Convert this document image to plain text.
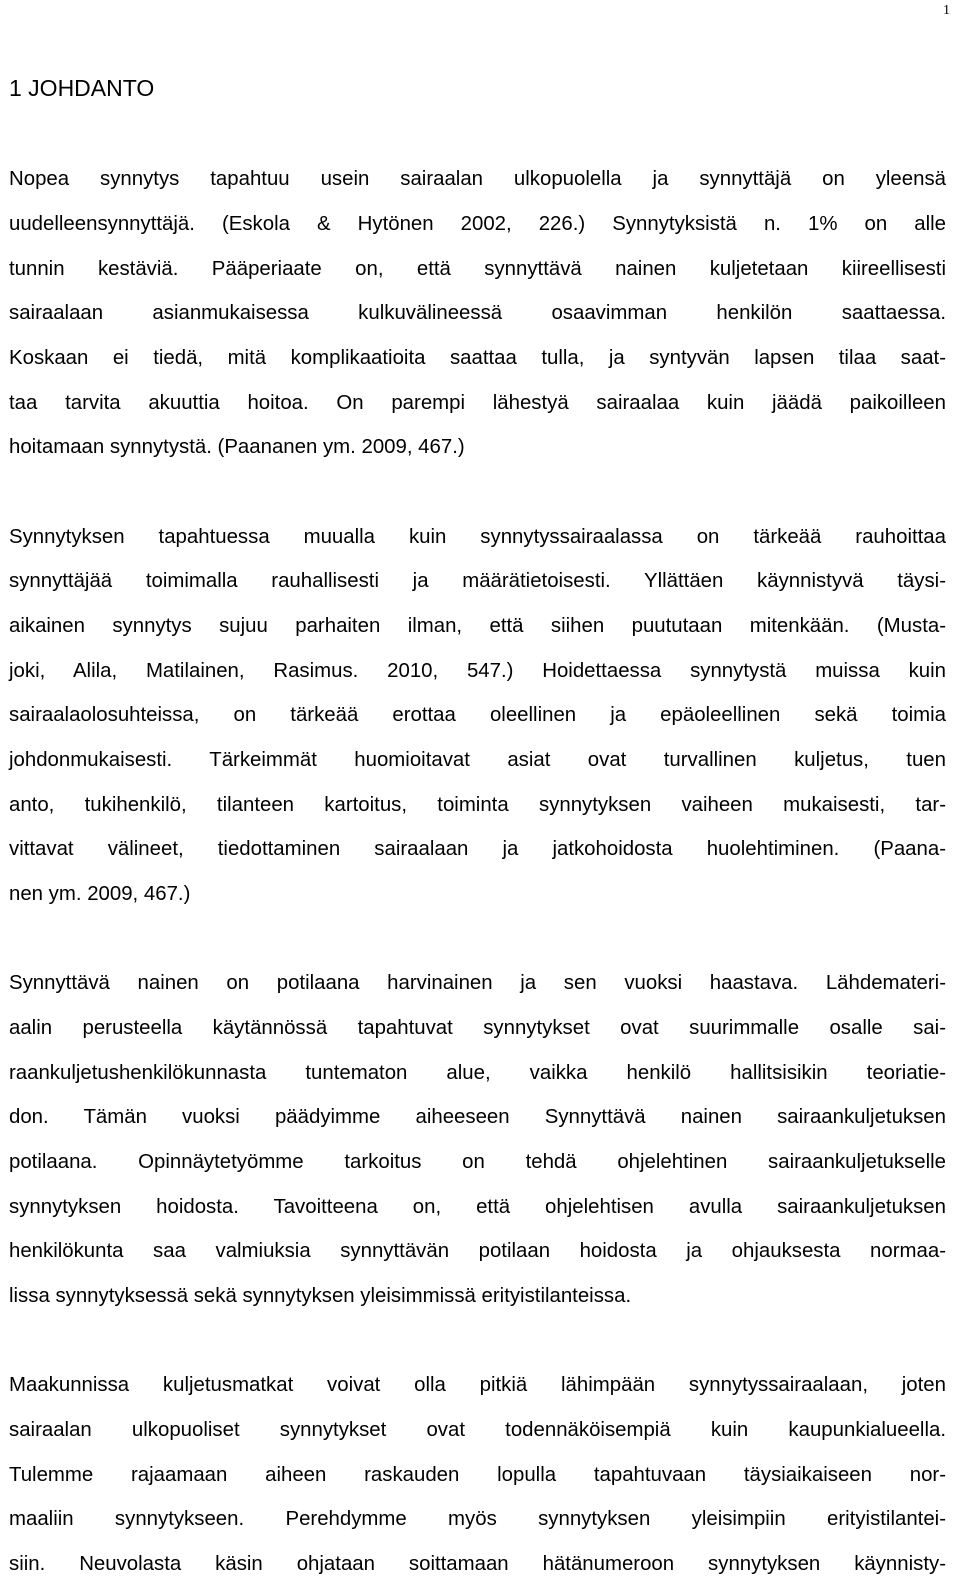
1
1 JOHDANTO
Nopea synnytys tapahtuu usein sairaalan ulkopuolella ja synnyttäjä on yleensä
uudelleensynnyttäjä. (Eskola & Hytönen 2002, 226.) Synnytyksistä n. 1% on alle
tunnin kestäviä. Pääperiaate on, että synnyttävä nainen kuljetetaan kiireellisesti
sairaalaan asianmukaisessa kulkuvälineessä osaavimman henkilön saattaessa.
Koskaan ei tiedä, mitä komplikaatioita saattaa tulla, ja syntyvän lapsen tilaa saat-
taa tarvita akuuttia hoitoa. On parempi lähestyä sairaalaa kuin jäädä paikoilleen
hoitamaan synnytystä. (Paananen ym. 2009, 467.)
Synnytyksen tapahtuessa muualla kuin synnytyssairaalassa on tärkeää rauhoittaa
synnyttäjää toimimalla rauhallisesti ja määrätietoisesti. Yllättäen käynnistyvä täysi-
aikainen synnytys sujuu parhaiten ilman, että siihen puututaan mitenkään. (Musta-
joki, Alila, Matilainen, Rasimus. 2010, 547.) Hoidettaessa synnytystä muissa kuin
sairaalaolosuhteissa, on tärkeää erottaa oleellinen ja epäoleellinen sekä toimia
johdonmukaisesti. Tärkeimmät huomioitavat asiat ovat turvallinen kuljetus, tuen
anto, tukihenkilö, tilanteen kartoitus, toiminta synnytyksen vaiheen mukaisesti, tar-
vittavat välineet, tiedottaminen sairaalaan ja jatkohoidosta huolehtiminen. (Paana-
nen ym. 2009, 467.)
Synnyttävä nainen on potilaana harvinainen ja sen vuoksi haastava. Lähdemateri-
aalin perusteella käytännössä tapahtuvat synnytykset ovat suurimmalle osalle sai-
raankuljetushenkilökunnasta tuntematon alue, vaikka henkilö hallitsisikin teoriatie-
don. Tämän vuoksi päädyimme aiheeseen Synnyttävä nainen sairaankuljetuksen
potilaana. Opinnäytetyömme tarkoitus on tehdä ohjelehtinen sairaankuljetukselle
synnytyksen hoidosta. Tavoitteena on, että ohjelehtisen avulla sairaankuljetuksen
henkilökunta saa valmiuksia synnyttävän potilaan hoidosta ja ohjauksesta normaa-
lissa synnytyksessä sekä synnytyksen yleisimmissä erityistilanteissa.
Maakunnissa kuljetusmatkat voivat olla pitkiä lähimpään synnytyssairaalaan, joten
sairaalan ulkopuoliset synnytykset ovat todennäköisempiä kuin kaupunkialueella.
Tulemme rajaamaan aiheen raskauden lopulla tapahtuvaan täysiaikaiseen nor-
maaliin synnytykseen. Perehdymme myös synnytyksen yleisimpiin erityistilantei-
siin. Neuvolasta käsin ohjataan soittamaan hätänumeroon synnytyksen käynnisty-
